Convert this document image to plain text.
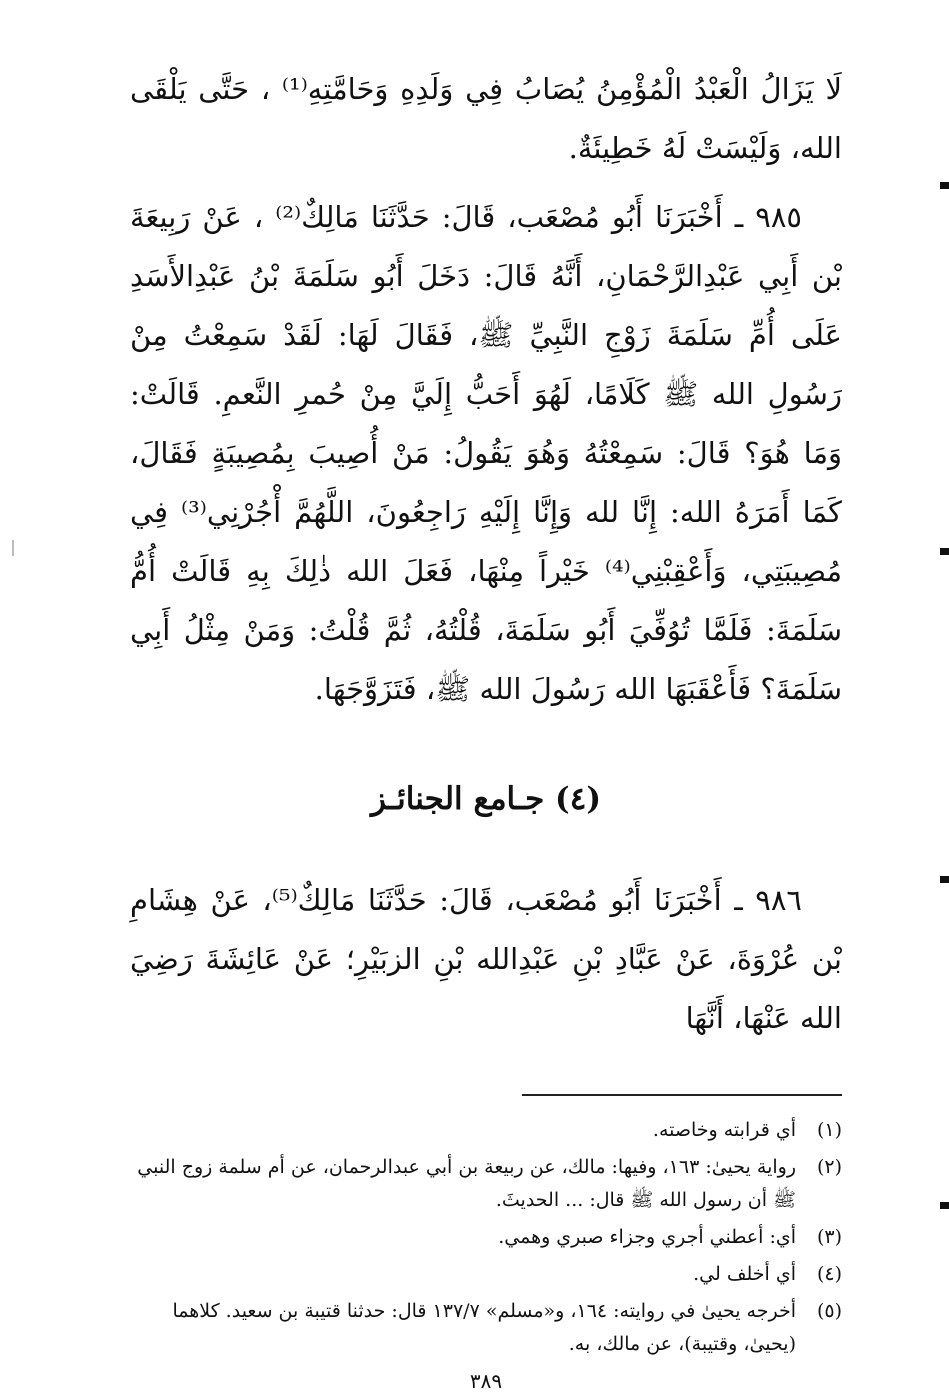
لَا يَزَالُ الْعَبْدُ الْمُؤْمِنُ يُصَابُ فِي وَلَدِهِ وَحَامَّتِهِ⁽¹⁾ ، حَتَّى يَلْقَى الله، وَلَيْسَتْ لَهُ خَطِيئَةٌ.

٩٨٥ ـ أَخْبَرَنَا أَبُو مُصْعَب، قَالَ: حَدَّثَنَا مَالِكٌ⁽²⁾ ، عَنْ رَبِيعَةَ بْن أَبِي عَبْدِالرَّحْمَانِ، أَنَّهُ قَالَ: دَخَلَ أَبُو سَلَمَةَ بْنُ عَبْدِالأَسَدِ عَلَى أُمِّ سَلَمَةَ زَوْجِ النَّبِيِّ ﷺ، فَقَالَ لَهَا: لَقَدْ سَمِعْتُ مِنْ رَسُولِ الله ﷺ كَلَامًا، لَهُوَ أَحَبُّ إِلَيَّ مِنْ حُمرِ النَّعمِ. قَالَتْ: وَمَا هُوَ؟ قَالَ: سَمِعْتُهُ وَهُوَ يَقُولُ: مَنْ أُصِيبَ بِمُصِيبَةٍ فَقَالَ، كَمَا أَمَرَهُ الله: إِنَّا لله وَإِنَّا إِلَيْهِ رَاجِعُونَ، اللَّهُمَّ أْجُرْنِي⁽³⁾ فِي مُصِيبَتِي، وَأَعْقِبْنِي⁽⁴⁾ خَيْراً مِنْهَا، فَعَلَ الله ذٰلِكَ بِهِ قَالَتْ أُمُّ سَلَمَةَ: فَلَمَّا تُوُفِّيَ أَبُو سَلَمَةَ، قُلْتُهُ، ثُمَّ قُلْتُ: وَمَنْ مِثْلُ أَبِي سَلَمَةَ؟ فَأَعْقَبَهَا الله رَسُولَ الله ﷺ، فَتَزَوَّجَهَا.

(٤) جـامع الجنائـز

٩٨٦ ـ أَخْبَرَنَا أَبُو مُصْعَب، قَالَ: حَدَّثَنَا مَالِكٌ⁽⁵⁾، عَنْ هِشَامِ بْن عُرْوَةَ، عَنْ عَبَّادِ بْنِ عَبْدِالله بْنِ الزبَيْرِ؛ عَنْ عَائِشَةَ رَضِيَ الله عَنْهَا، أَنَّهَا

(١)
أي قرابته وخاصته.
(٢)
رواية يحيىٰ: ١٦٣، وفيها: مالك، عن ربيعة بن أبي عبدالرحمان، عن أم سلمة زوج النبي ﷺ أن رسول الله ﷺ قال: ... الحديثَ.
(٣)
أي: أعطني أجري وجزاء صبري وهمي.
(٤)
أي أخلف لي.
(٥)
أخرجه يحيىٰ في روايته: ١٦٤، و«مسلم» ١٣٧/٧ قال: حدثنا قتيبة بن سعيد. كلاهما (يحيىٰ، وقتيبة)، عن مالك، به.
٣٨٩
